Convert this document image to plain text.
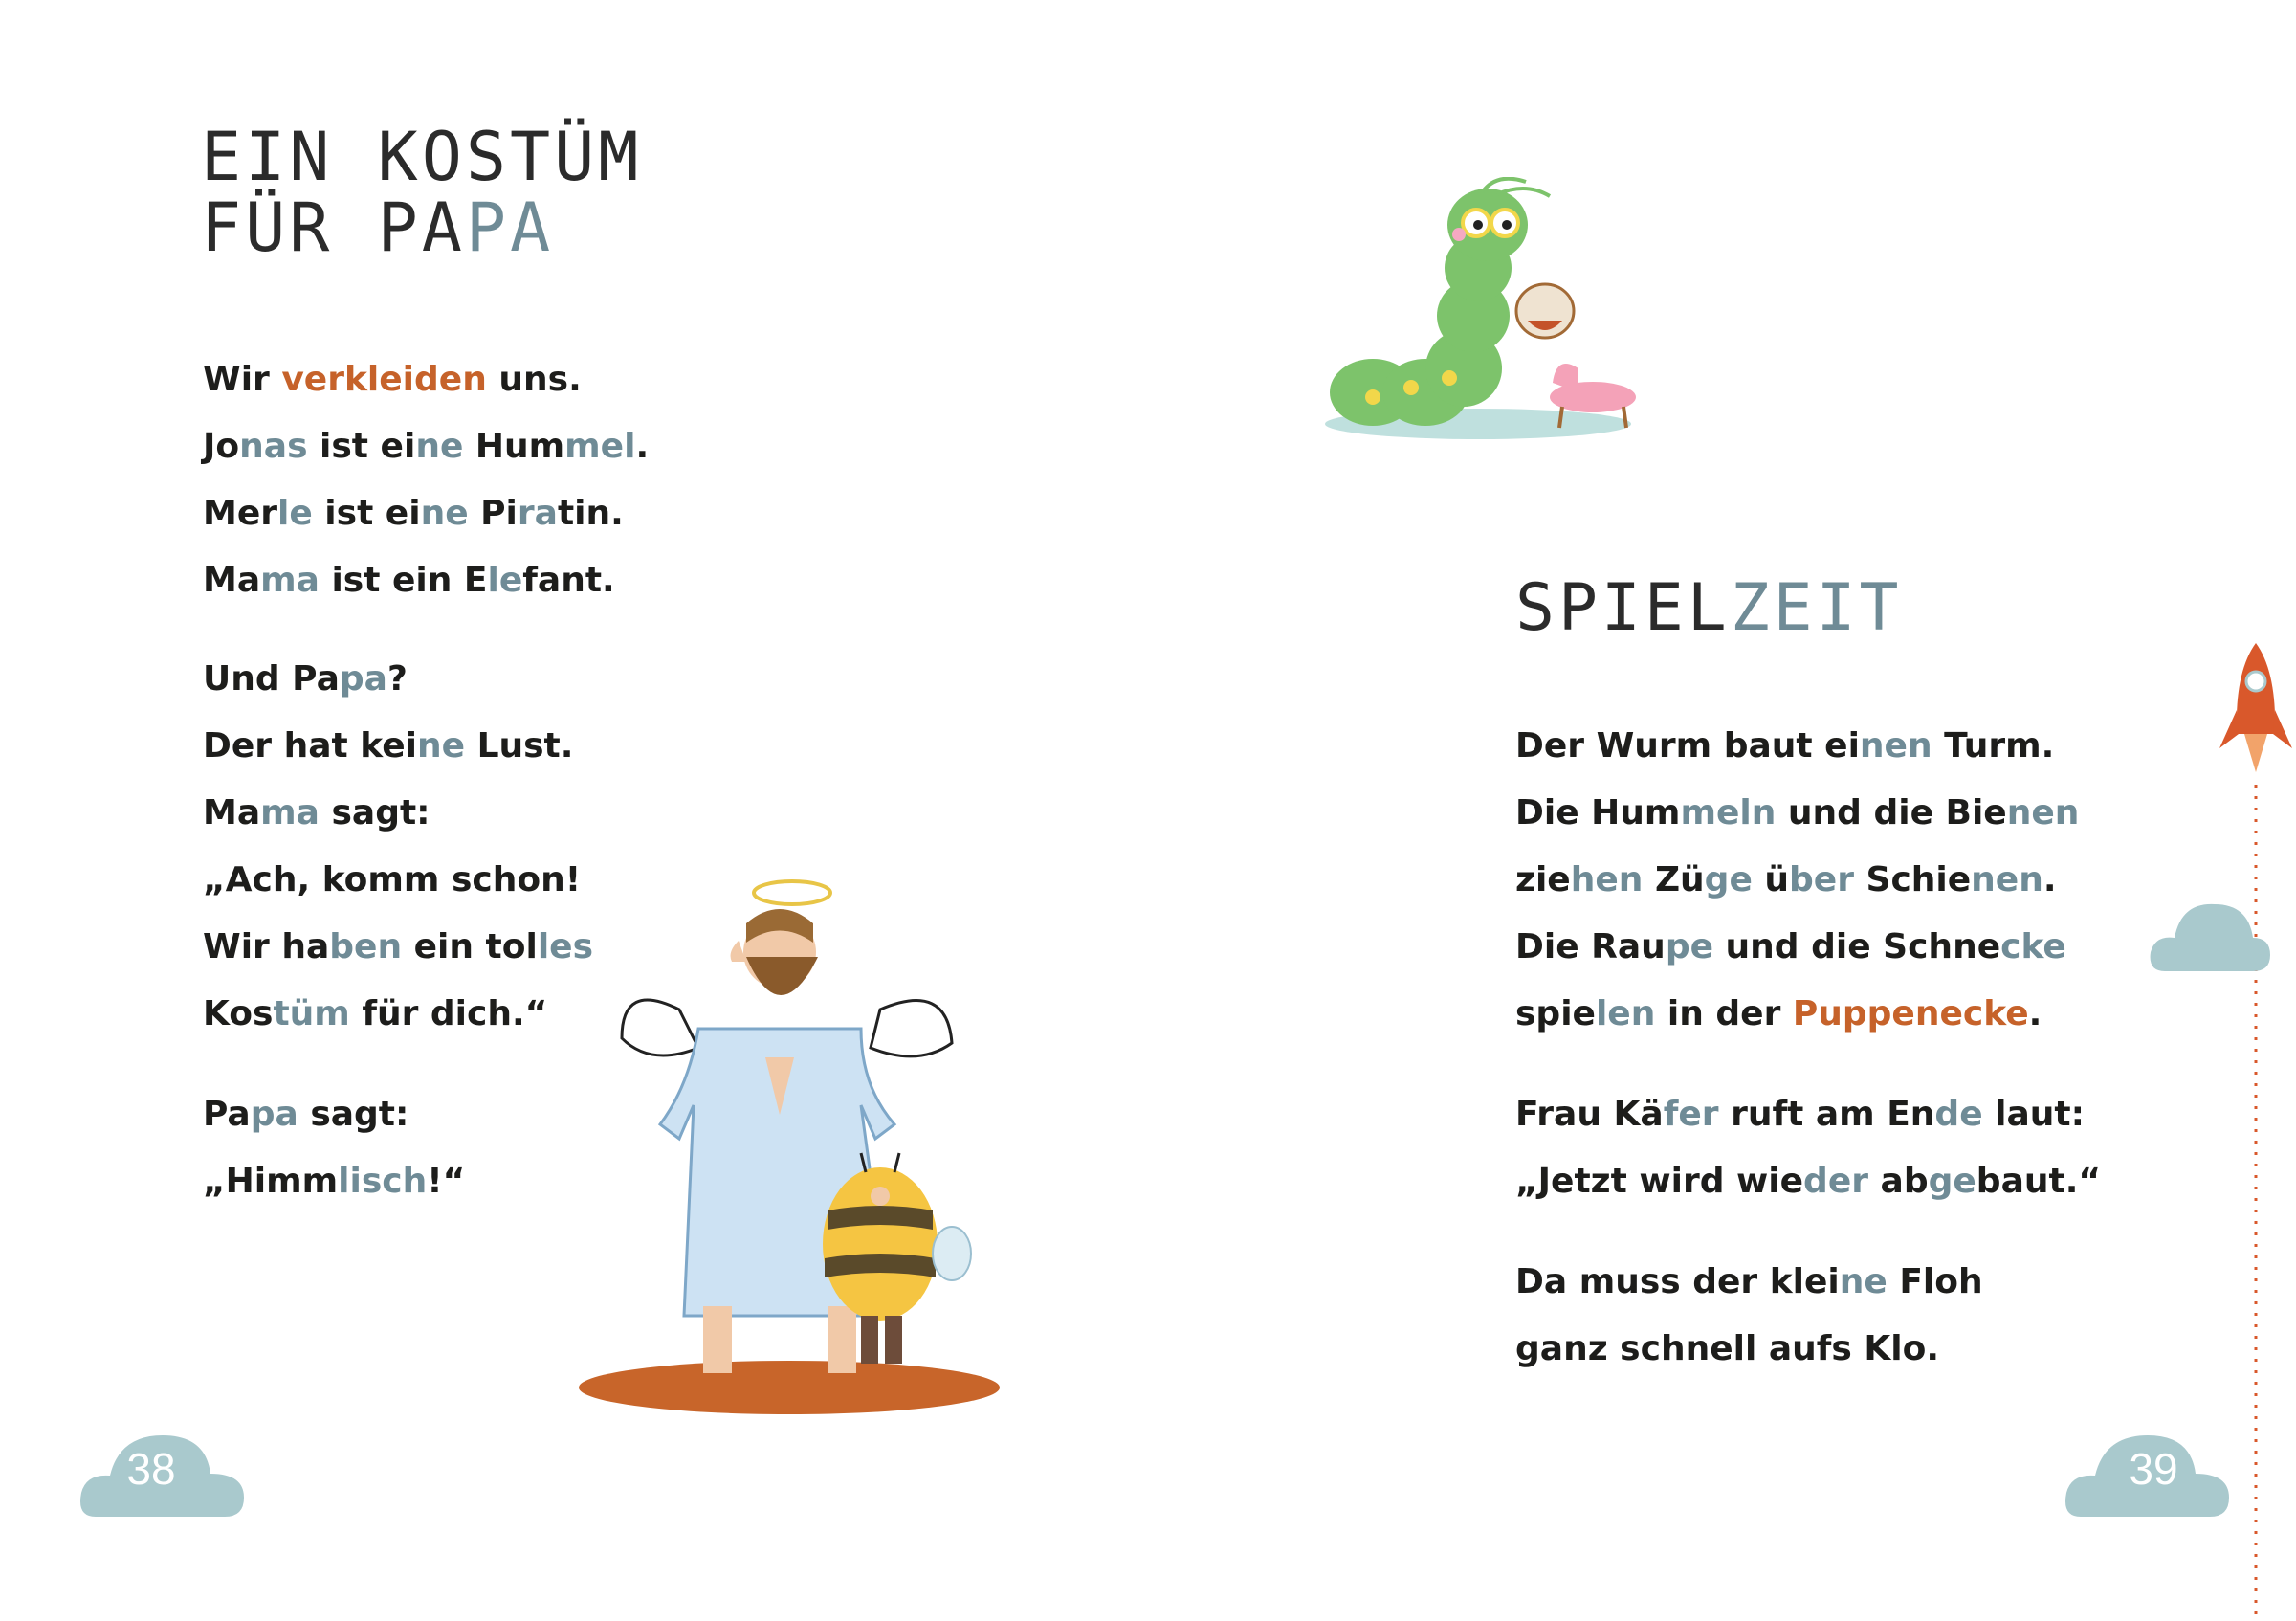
EIN KOSTÜM
FÜR PAPA
Wir verkleiden uns.
Jonas ist eine Hummel.
Merle ist eine Piratin.
Mama ist ein Elefant.
Und Papa?
Der hat keine Lust.
Mama sagt:
„Ach, komm schon!
Wir haben ein tolles
Kostüm für dich.“
Papa sagt:
„Himmlisch!“
38
SPIELZEIT
Der Wurm baut einen Turm.
Die Hummeln und die Bienen
ziehen Züge über Schienen.
Die Raupe und die Schnecke
spielen in der Puppenecke.
Frau Käfer ruft am Ende laut:
„Jetzt wird wieder abgebaut.“
Da muss der kleine Floh
ganz schnell aufs Klo.
39
